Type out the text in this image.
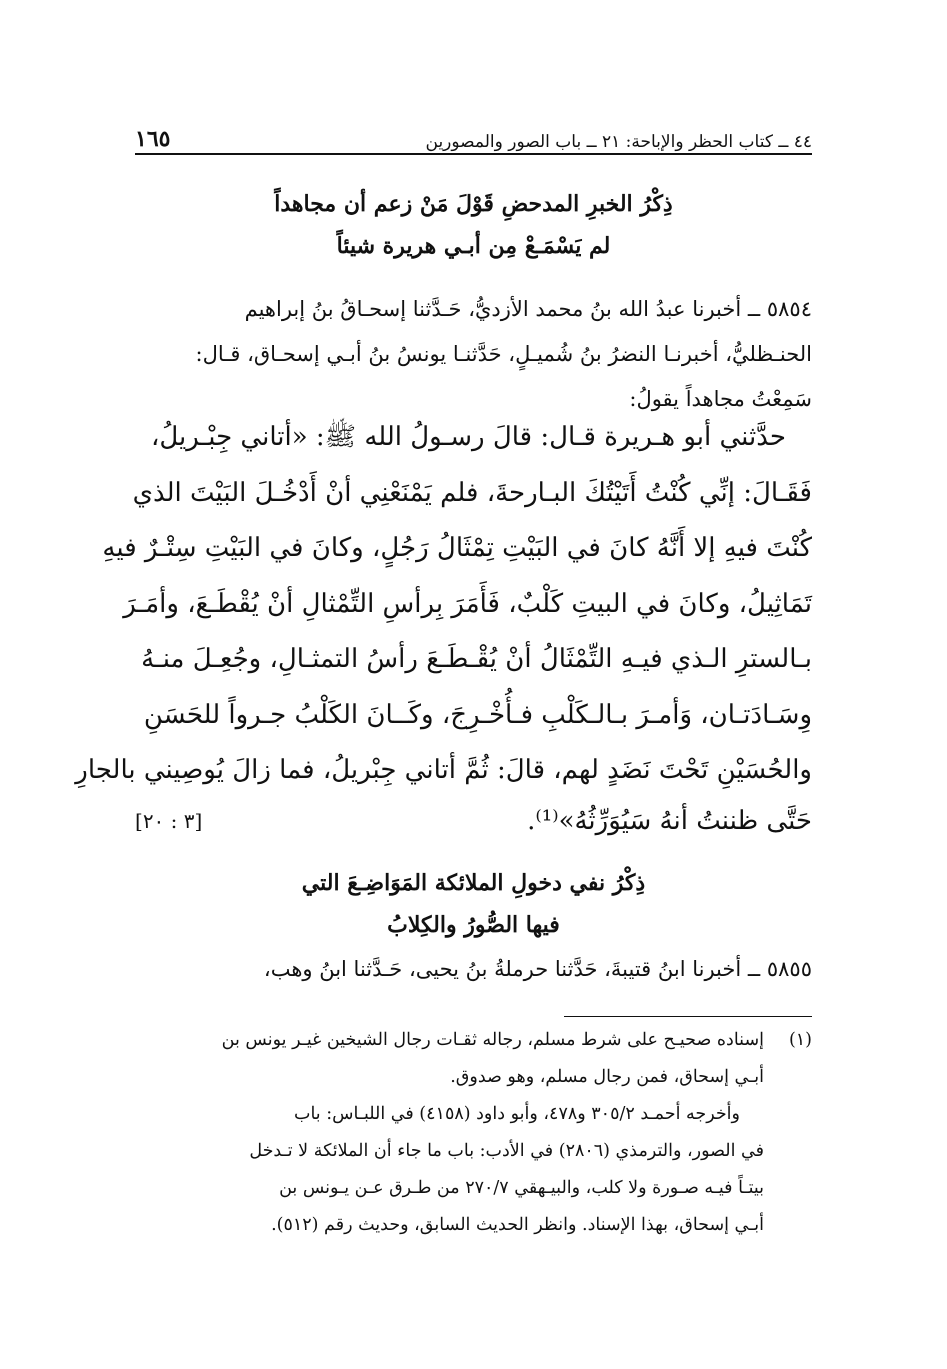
٤٤ ــ كتاب الحظر والإباحة: ٢١ ــ باب الصور والمصورين
١٦٥
ذِكْرُ الخبرِ المدحضِ قَوْلَ مَنْ زعم أن مجاهداً
لم يَسْمَـعْ مِن أبـي هريرة شيئاً
٥٨٥٤ ــ أخبرنا عبدُ الله بنُ محمد الأزديُّ، حَـدَّثنا إسحـاقُ بنُ إبراهيم
الحنـظليُّ، أخبرنـا النضرُ بنُ شُميـلٍ، حَدَّثنـا يونسُ بنُ أبـي إسحـاق، قـال:
سَمِعْتُ مجاهداً يقولُ:
حدَّثني أبو هـريرة قـال: قالَ رسـولُ الله ﷺ: «أتاني جِبْـريلُ،
فَقَـالَ: إنِّي كُنْتُ أَتَيْتُكَ البـارحةَ، فلم يَمْنَعْنِي أنْ أَدْخُـلَ البَيْتَ الذي
كُنْتَ فيهِ إلا أَنَّهُ كانَ في البَيْتِ تِمْثَالُ رَجُلٍ، وكانَ في البَيْتِ سِتْـرٌ فيهِ
تَمَاثِيلُ، وكانَ في البيتِ كَلْبٌ، فَأَمَرَ بِرأسِ التِّمْثالِ أنْ يُقْطَـعَ، وأمَـرَ
بـالسترِ الـذي فيـهِ التِّمْثَالُ أنْ يُقْـطَـعَ رأسُ التمثـالِ، وجُعِـلَ منـهُ
وِسَـادَتـان، وَأمـرَ بـالـكَلْبِ فـأُخْـرِجَ، وكَــانَ الكَلْبُ جـرواً للحَسَنِ
والحُسَيْنِ تَحْتَ نَضَدٍ لهم، قالَ: ثُمَّ أتاني جِبْريلُ، فما زالَ يُوصِيني بالجارِ
حَتَّى ظننتُ أنهُ سَيُوَرِّثُهُ»⁽¹⁾.
[٣ : ٢٠]
ذِكْرُ نفي دخولِ الملائكة المَوَاضِـعَ التي
فيها الصُّورُ والكِلابُ
٥٨٥٥ ــ أخبرنا ابنُ قتيبةَ، حَدَّثنا حرملةُ بنُ يحيى، حَـدَّثنا ابنُ وهب،
(١)
إسناده صحيـح على شرط مسلم، رجاله ثقـات رجال الشيخين غيـر يونس بن
أبـي إسحاق، فمن رجال مسلم، وهو صدوق.
وأخرجه أحمـد ٣٠٥/٢ و٤٧٨، وأبو داود (٤١٥٨) في اللبـاس: باب
في الصور، والترمذي (٢٨٠٦) في الأدب: باب ما جاء أن الملائكة لا تـدخل
بيتـاً فيـه صـورة ولا كلب، والبيـهقي ٢٧٠/٧ من طـرق عـن يـونس بن
أبـي إسحاق، بهذا الإسناد. وانظر الحديث السابق، وحديث رقم (٥١٢).
